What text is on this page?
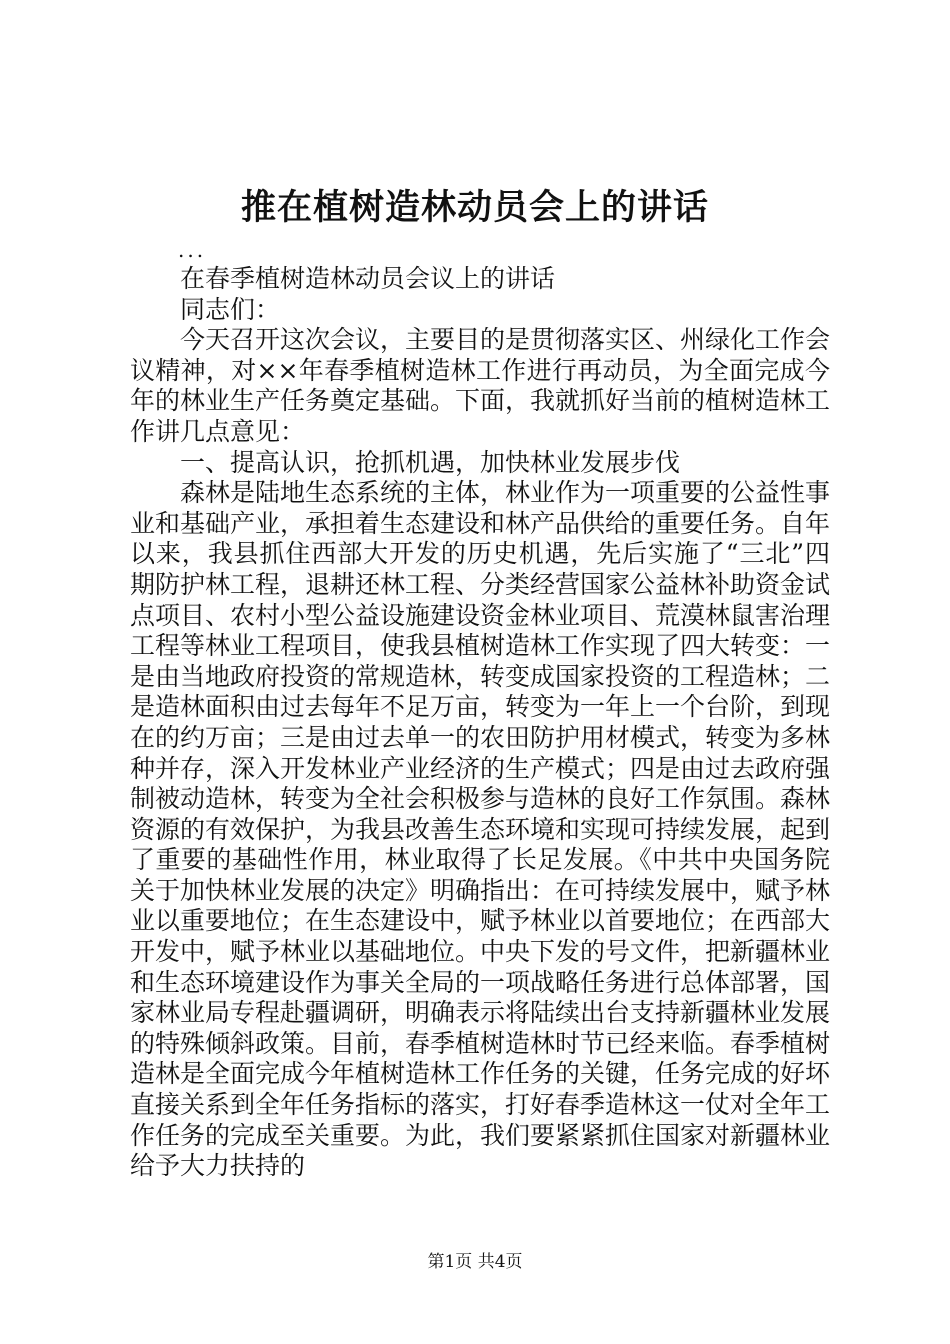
推在植树造林动员会上的讲话
...

在春季植树造林动员会议上的讲话

同志们：

今天召开这次会议，主要目的是贯彻落实区、州绿化工作会议精神，对××年春季植树造林工作进行再动员，为全面完成今年的林业生产任务奠定基础。下面，我就抓好当前的植树造林工作讲几点意见：

一、提高认识，抢抓机遇，加快林业发展步伐

森林是陆地生态系统的主体，林业作为一项重要的公益性事业和基础产业，承担着生态建设和林产品供给的重要任务。自年以来，我县抓住西部大开发的历史机遇，先后实施了“三北”四期防护林工程，退耕还林工程、分类经营国家公益林补助资金试点项目、农村小型公益设施建设资金林业项目、荒漠林鼠害治理工程等林业工程项目，使我县植树造林工作实现了四大转变：一是由当地政府投资的常规造林，转变成国家投资的工程造林；二是造林面积由过去每年不足万亩，转变为一年上一个台阶，到现在的约万亩；三是由过去单一的农田防护用材模式，转变为多林种并存，深入开发林业产业经济的生产模式；四是由过去政府强制被动造林，转变为全社会积极参与造林的良好工作氛围。森林资源的有效保护，为我县改善生态环境和实现可持续发展，起到了重要的基础性作用，林业取得了长足发展。《中共中央国务院关于加快林业发展的决定》明确指出：在可持续发展中，赋予林业以重要地位；在生态建设中，赋予林业以首要地位；在西部大开发中，赋予林业以基础地位。中央下发的号文件，把新疆林业和生态环境建设作为事关全局的一项战略任务进行总体部署，国家林业局专程赴疆调研，明确表示将陆续出台支持新疆林业发展的特殊倾斜政策。目前，春季植树造林时节已经来临。春季植树造林是全面完成今年植树造林工作任务的关键，任务完成的好坏直接关系到全年任务指标的落实，打好春季造林这一仗对全年工作任务的完成至关重要。为此，我们要紧紧抓住国家对新疆林业给予大力扶持的

第1页 共4页
